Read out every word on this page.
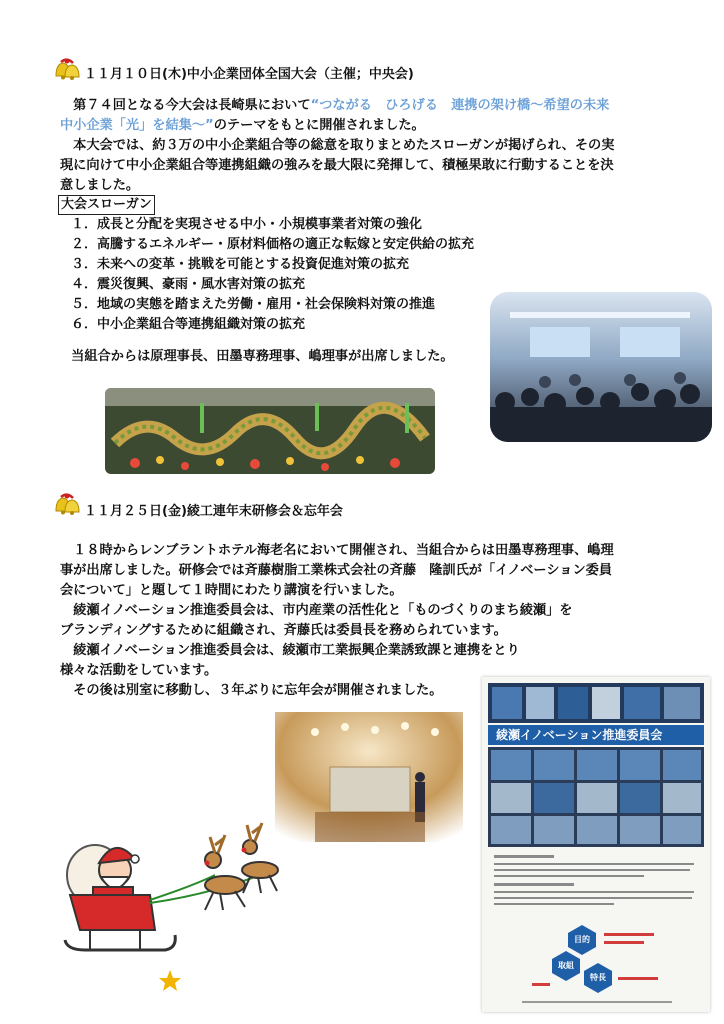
１１月１０日(木)中小企業団体全国大会（主催；中央会)
　第７４回となる今大会は長崎県において“つながる　ひろげる　連携の架け橋～希望の未来
中小企業「光」を結集～”のテーマをもとに開催されました。
　本大会では、約３万の中小企業組合等の総意を取りまとめたスローガンが掲げられ、その実
現に向けて中小企業組合等連携組織の強みを最大限に発揮して、積極果敢に行動することを決
意しました。
大会スローガン
　１．成長と分配を実現させる中小・小規模事業者対策の強化
　２．高騰するエネルギー・原材料価格の適正な転嫁と安定供給の拡充
　３．未来への変革・挑戦を可能とする投資促進対策の拡充
　４．震災復興、豪雨・風水害対策の拡充
　５．地域の実態を踏まえた労働・雇用・社会保険料対策の推進
　６．中小企業組合等連携組織対策の拡充
　当組合からは原理事長、田墨専務理事、嶋理事が出席しました。
１１月２５日(金)綾工連年末研修会＆忘年会
　１８時からレンブラントホテル海老名において開催され、当組合からは田墨専務理事、嶋理
事が出席しました。研修会では斉藤樹脂工業株式会社の斉藤　隆訓氏が「イノベーション委員
会について」と題して１時間にわたり講演を行いました。
　綾瀬イノベーション推進委員会は、市内産業の活性化と「ものづくりのまち綾瀬」を
ブランディングするために組織され、斉藤氏は委員長を務められています。
　綾瀬イノベーション推進委員会は、綾瀬市工業振興企業誘致課と連携をとり
様々な活動をしています。
　その後は別室に移動し、３年ぶりに忘年会が開催されました。
綾瀬イノベーション推進委員会
目的
取組
特長
